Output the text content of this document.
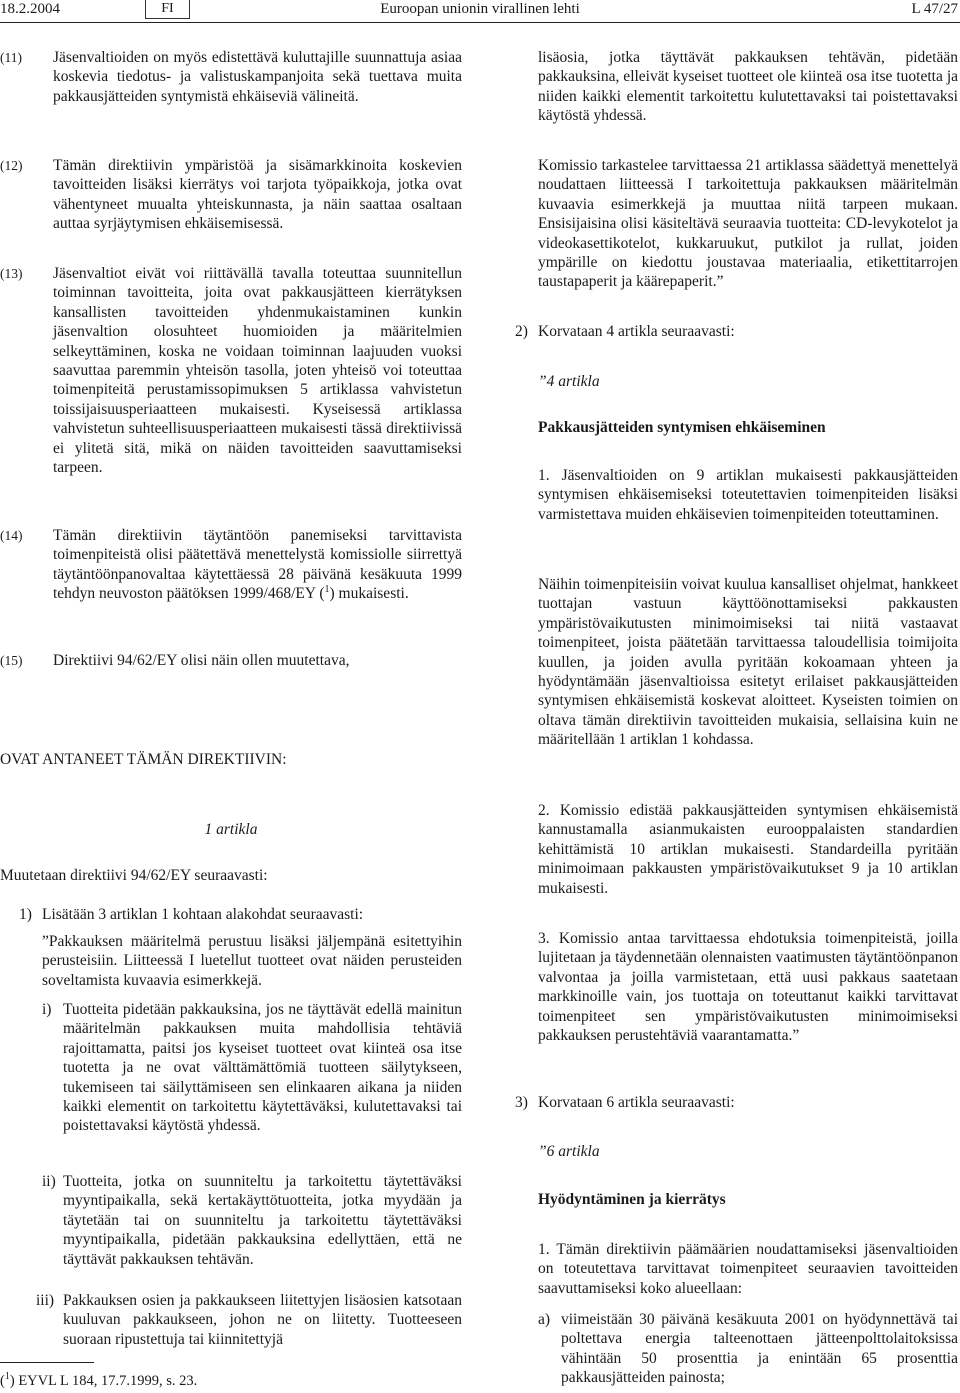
18.2.2004	FI	Euroopan unionin virallinen lehti	L 47/27
(11) Jäsenvaltioiden on myös edistettävä kuluttajille suunnattuja asiaa koskevia tiedotus- ja valistuskampanjoita sekä tuettava muita pakkausjätteiden syntymistä ehkäiseviä välineitä.

(12) Tämän direktiivin ympäristöä ja sisämarkkinoita koskevien tavoitteiden lisäksi kierrätys voi tarjota työpaikkoja, jotka ovat vähentyneet muualta yhteiskunnasta, ja näin saattaa osaltaan auttaa syrjäytymisen ehkäisemisessä.

(13) Jäsenvaltiot eivät voi riittävällä tavalla toteuttaa suunnitellun toiminnan tavoitteita, joita ovat pakkausjätteen kierrätyksen kansallisten tavoitteiden yhdenmukaistaminen kunkin jäsenvaltion olosuhteet huomioiden ja määritelmien selkeyttäminen, koska ne voidaan toiminnan laajuuden vuoksi saavuttaa paremmin yhteisön tasolla, joten yhteisö voi toteuttaa toimenpiteitä perustamissopimuksen 5 artiklassa vahvistetun toissijaisuusperiaatteen mukaisesti. Kyseisessä artiklassa vahvistetun suhteellisuusperiaatteen mukaisesti tässä direktiivissä ei ylitetä sitä, mikä on näiden tavoitteiden saavuttamiseksi tarpeen.

(14) Tämän direktiivin täytäntöön panemiseksi tarvittavista toimenpiteistä olisi päätettävä menettelystä komissiolle siirrettyä täytäntöönpanovaltaa käytettäessä 28 päivänä kesäkuuta 1999 tehdyn neuvoston päätöksen 1999/468/EY ($^1$) mukaisesti.

(15) Direktiivi 94/62/EY olisi näin ollen muutettava,

OVAT ANTANEET TÄMÄN DIREKTIIVIN:
1 artikla
Muutetaan direktiivi 94/62/EY seuraavasti:
1) Lisätään 3 artiklan 1 kohtaan alakohdat seuraavasti:

”Pakkauksen määritelmä perustuu lisäksi jäljempänä esitettyihin perusteisiin. Liitteessä I luetellut tuotteet ovat näiden perusteiden soveltamista kuvaavia esimerkkejä.

i) Tuotteita pidetään pakkauksina, jos ne täyttävät edellä mainitun määritelmän pakkauksen muita mahdollisia tehtäviä rajoittamatta, paitsi jos kyseiset tuotteet ovat kiinteä osa itse tuotetta ja ne ovat välttämättömiä tuotteen säilytykseen, tukemiseen tai säilyttämiseen sen elinkaaren aikana ja niiden kaikki elementit on tarkoitettu käytettäväksi, kulutettavaksi tai poistettavaksi käytöstä yhdessä.

ii) Tuotteita, jotka on suunniteltu ja tarkoitettu täytettäväksi myyntipaikalla, sekä kertakäyttötuotteita, jotka myydään ja täytetään tai on suunniteltu ja tarkoitettu täytettäväksi myyntipaikalla, pidetään pakkauksina edellyttäen, että ne täyttävät pakkauksen tehtävän.

iii) Pakkauksen osien ja pakkaukseen liitettyjen lisäosien katsotaan kuuluvan pakkaukseen, johon ne on liitetty. Tuotteeseen suoraan ripustettuja tai kiinnitettyjä

($^1$) EYVL L 184, 17.7.1999, s. 23.

lisäosia, jotka täyttävät pakkauksen tehtävän, pidetään pakkauksina, elleivät kyseiset tuotteet ole kiinteä osa itse tuotetta ja niiden kaikki elementit tarkoitettu kulutettavaksi tai poistettavaksi käytöstä yhdessä.

Komissio tarkastelee tarvittaessa 21 artiklassa säädettyä menettelyä noudattaen liitteessä I tarkoitettuja pakkauksen määritelmän kuvaavia esimerkkejä ja muuttaa niitä tarpeen mukaan. Ensisijaisina olisi käsiteltävä seuraavia tuotteita: CD-levykotelot ja videokasettikotelot, kukkaruukut, putkilot ja rullat, joiden ympärille on kiedottu joustavaa materiaalia, etikettitarrojen taustapaperit ja käärepaperit.”

2) Korvataan 4 artikla seuraavasti:
”4 artikla
Pakkausjätteiden syntymisen ehkäiseminen

1. Jäsenvaltioiden on 9 artiklan mukaisesti pakkausjätteiden syntymisen ehkäisemiseksi toteutettavien toimenpiteiden lisäksi varmistettava muiden ehkäisevien toimenpiteiden toteuttaminen.

Näihin toimenpiteisiin voivat kuulua kansalliset ohjelmat, hankkeet tuottajan vastuun käyttöönottamiseksi pakkausten ympäristövaikutusten minimoimiseksi tai niitä vastaavat toimenpiteet, joista päätetään tarvittaessa taloudellisia toimijoita kuullen, ja joiden avulla pyritään kokoamaan yhteen ja hyödyntämään jäsenvaltioissa esitetyt erilaiset pakkausjätteiden syntymisen ehkäisemistä koskevat aloitteet. Kyseisten toimien on oltava tämän direktiivin tavoitteiden mukaisia, sellaisina kuin ne määritellään 1 artiklan 1 kohdassa.

2. Komissio edistää pakkausjätteiden syntymisen ehkäisemistä kannustamalla asianmukaisten eurooppalaisten standardien kehittämistä 10 artiklan mukaisesti. Standardeilla pyritään minimoimaan pakkausten ympäristövaikutukset 9 ja 10 artiklan mukaisesti.

3. Komissio antaa tarvittaessa ehdotuksia toimenpiteistä, joilla lujitetaan ja täydennetään olennaisten vaatimusten täytäntöönpanon valvontaa ja joilla varmistetaan, että uusi pakkaus saatetaan markkinoille vain, jos tuottaja on toteuttanut kaikki tarvittavat toimenpiteet sen ympäristövaikutusten minimoimiseksi pakkauksen perustehtäviä vaarantamatta.”

3) Korvataan 6 artikla seuraavasti:
”6 artikla
Hyödyntäminen ja kierrätys

1. Tämän direktiivin päämäärien noudattamiseksi jäsenvaltioiden on toteutettava tarvittavat toimenpiteet seuraavien tavoitteiden saavuttamiseksi koko alueellaan:

a) viimeistään 30 päivänä kesäkuuta 2001 on hyödynnettävä tai poltettava energia talteenottaen jätteenpolttolaitoksissa vähintään 50 prosenttia ja enintään 65 prosenttia pakkausjätteiden painosta;
